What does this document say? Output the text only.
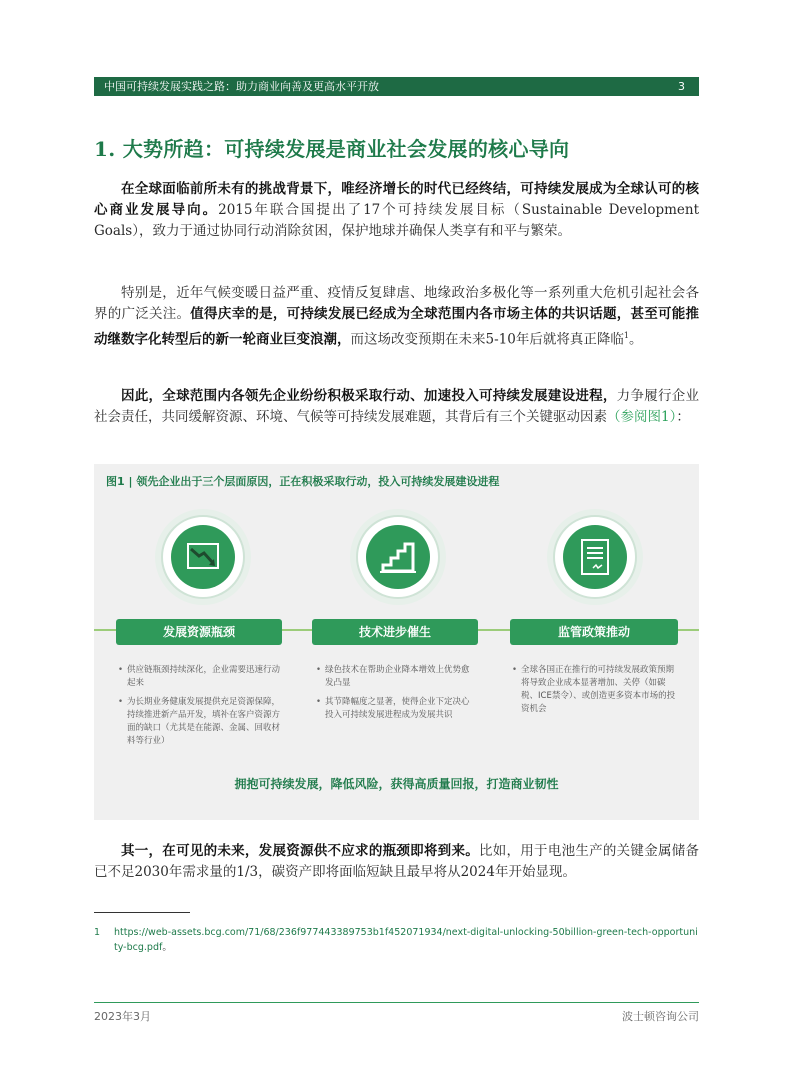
中国可持续发展实践之路：助力商业向善及更高水平开放	3
1. 大势所趋：可持续发展是商业社会发展的核心导向
在全球面临前所未有的挑战背景下，唯经济增长的时代已经终结，可持续发展成为全球认可的核心商业发展导向。2015年联合国提出了17个可持续发展目标（Sustainable Development Goals），致力于通过协同行动消除贫困，保护地球并确保人类享有和平与繁荣。
特别是，近年气候变暖日益严重、疫情反复肆虐、地缘政治多极化等一系列重大危机引起社会各界的广泛关注。值得庆幸的是，可持续发展已经成为全球范围内各市场主体的共识话题，甚至可能推动继数字化转型后的新一轮商业巨变浪潮，而这场改变预期在未来5-10年后就将真正降临$^1$。
因此，全球范围内各领先企业纷纷积极采取行动、加速投入可持续发展建设进程，力争履行企业社会责任，共同缓解资源、环境、气候等可持续发展难题，其背后有三个关键驱动因素（参阅图1）：
图1 | 领先企业出于三个层面原因，正在积极采取行动，投入可持续发展建设进程
发展资源瓶颈
• 供应链瓶颈持续深化，企业需要迅速行动起来
• 为长期业务健康发展提供充足资源保障，持续推进新产品开发，填补在客户资源方面的缺口（尤其是在能源、金属、回收材料等行业）
技术进步催生
• 绿色技术在帮助企业降本增效上优势愈发凸显
• 其节降幅度之显著，使得企业下定决心投入可持续发展进程成为发展共识
监管政策推动
• 全球各国正在推行的可持续发展政策预期将导致企业成本显著增加、关停（如碳税、ICE禁令）、或创造更多资本市场的投资机会
拥抱可持续发展，降低风险，获得高质量回报，打造商业韧性
其一，在可见的未来，发展资源供不应求的瓶颈即将到来。比如，用于电池生产的关键金属储备已不足2030年需求量的1/3，碳资产即将面临短缺且最早将从2024年开始显现。
1 https://web-assets.bcg.com/71/68/236f977443389753b1f452071934/next-digital-unlocking-50billion-green-tech-opportunity-bcg.pdf。
2023年3月	波士顿咨询公司
